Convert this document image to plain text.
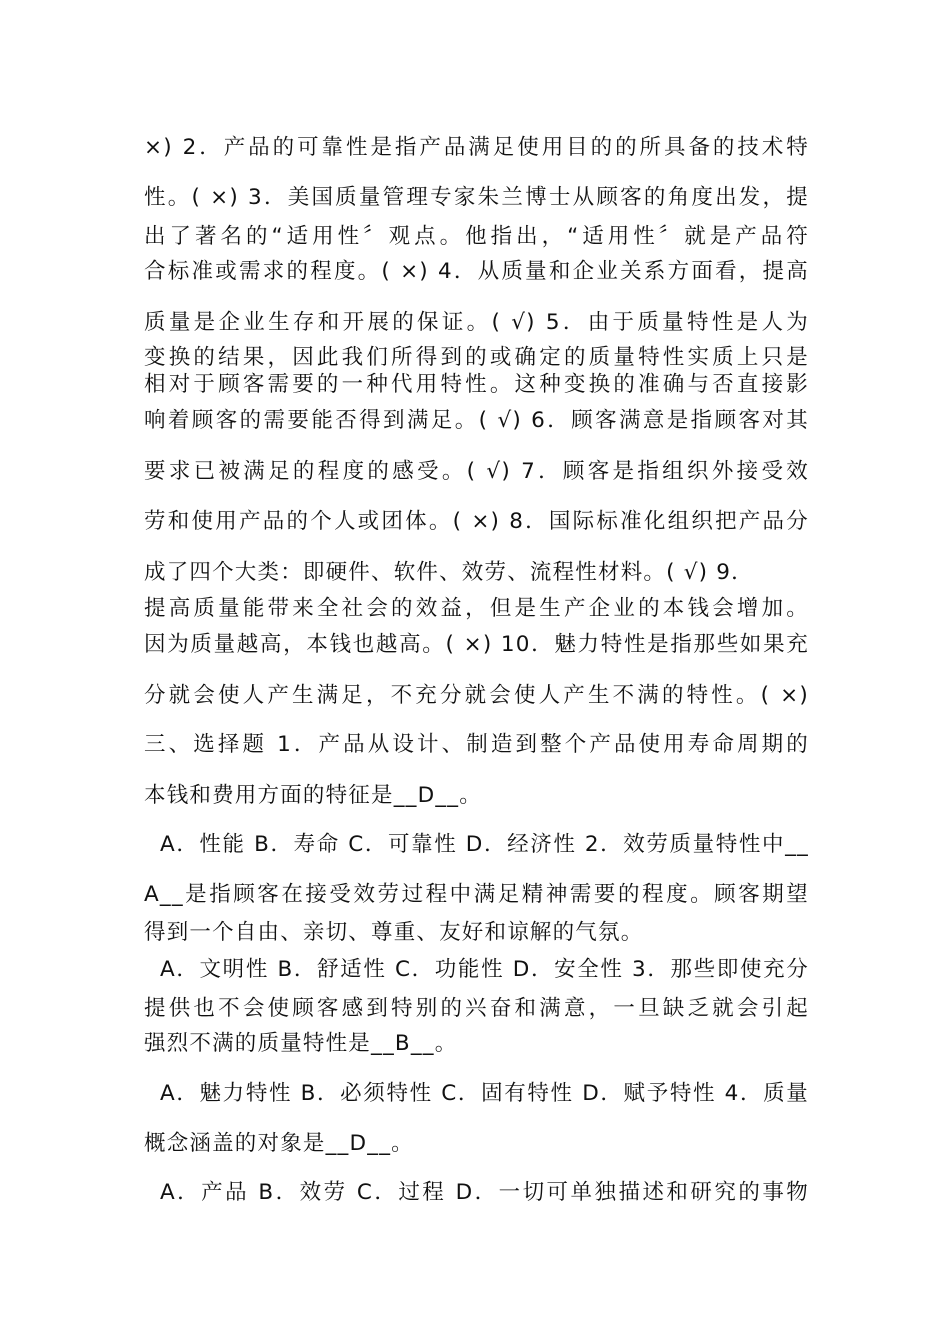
×) 2．产品的可靠性是指产品满足使用目的的所具备的技术特
性。( ×) 3．美国质量管理专家朱兰博士从顾客的角度出发，提
出了著名的“适用性〞观点。他指出，“适用性〞就是产品符
合标准或需求的程度。( ×) 4．从质量和企业关系方面看，提高
质量是企业生存和开展的保证。( √) 5．由于质量特性是人为
变换的结果，因此我们所得到的或确定的质量特性实质上只是
相对于顾客需要的一种代用特性。这种变换的准确与否直接影
响着顾客的需要能否得到满足。( √) 6．顾客满意是指顾客对其
要求已被满足的程度的感受。( √) 7．顾客是指组织外接受效
劳和使用产品的个人或团体。( ×) 8．国际标准化组织把产品分
成了四个大类：即硬件、软件、效劳、流程性材料。( √) 9．
提高质量能带来全社会的效益，但是生产企业的本钱会增加。
因为质量越高，本钱也越高。( ×) 10．魅力特性是指那些如果充
分就会使人产生满足，不充分就会使人产生不满的特性。( ×)
三、选择题 1．产品从设计、制造到整个产品使用寿命周期的
本钱和费用方面的特征是__D__。
A．性能 B．寿命 C．可靠性 D．经济性 2．效劳质量特性中__
A__是指顾客在接受效劳过程中满足精神需要的程度。顾客期望
得到一个自由、亲切、尊重、友好和谅解的气氛。
A．文明性 B．舒适性 C．功能性 D．安全性 3．那些即使充分
提供也不会使顾客感到特别的兴奋和满意，一旦缺乏就会引起
强烈不满的质量特性是__B__。
A．魅力特性 B．必须特性 C．固有特性 D．赋予特性 4．质量
概念涵盖的对象是__D__。
A．产品 B．效劳 C．过程 D．一切可单独描述和研究的事物
